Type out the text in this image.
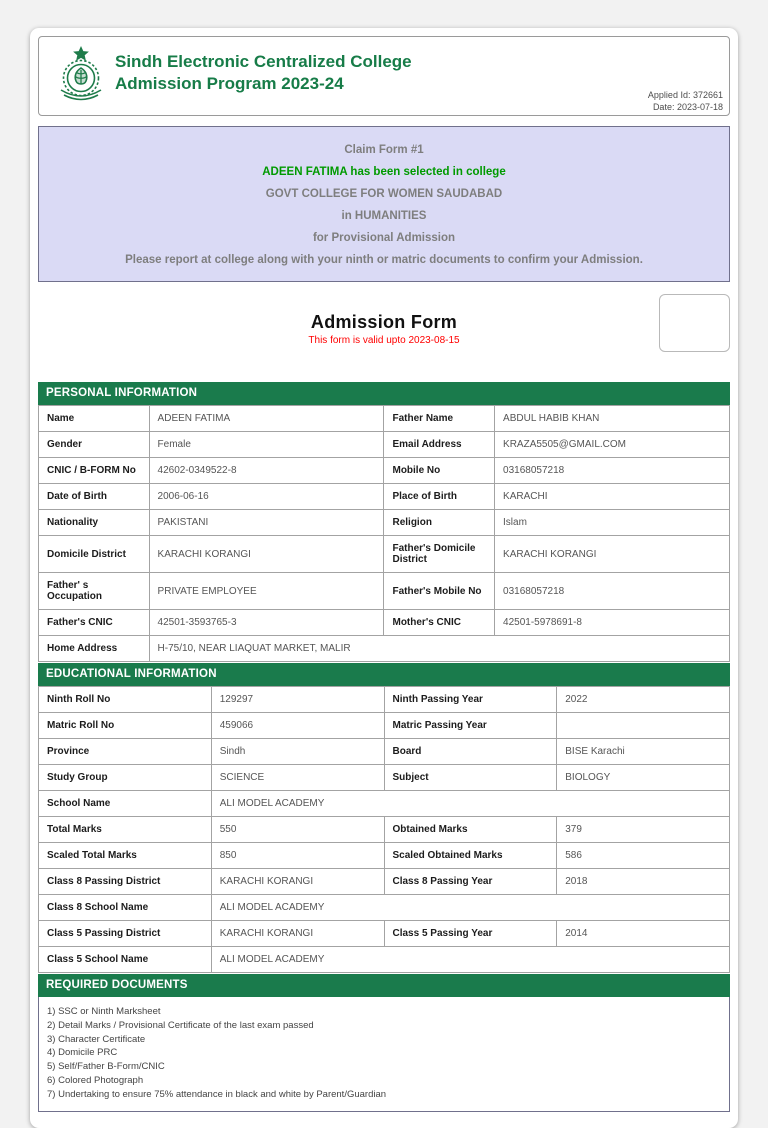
Sindh Electronic Centralized College
Admission Program 2023-24
Applied Id: 372661
Date: 2023-07-18
Claim Form #1
ADEEN FATIMA has been selected in college
GOVT COLLEGE FOR WOMEN SAUDABAD
in HUMANITIES
for Provisional Admission
Please report at college along with your ninth or matric documents to confirm your Admission.
Admission Form
This form is valid upto 2023-08-15
PERSONAL INFORMATION
Name	ADEEN FATIMA	Father Name	ABDUL HABIB KHAN
Gender	Female	Email Address	KRAZA5505@GMAIL.COM
CNIC / B-FORM No	42602-0349522-8	Mobile No	03168057218
Date of Birth	2006-06-16	Place of Birth	KARACHI
Nationality	PAKISTANI	Religion	Islam
Domicile District	KARACHI KORANGI	Father's Domicile District	KARACHI KORANGI
Father' s Occupation	PRIVATE EMPLOYEE	Father's Mobile No	03168057218
Father's CNIC	42501-3593765-3	Mother's CNIC	42501-5978691-8
Home Address	H-75/10, NEAR LIAQUAT MARKET, MALIR		
EDUCATIONAL INFORMATION
Ninth Roll No	129297	Ninth Passing Year	2022
Matric Roll No	459066	Matric Passing Year	
Province	Sindh	Board	BISE Karachi
Study Group	SCIENCE	Subject	BIOLOGY
School Name	ALI MODEL ACADEMY		
Total Marks	550	Obtained Marks	379
Scaled Total Marks	850	Scaled Obtained Marks	586
Class 8 Passing District	KARACHI KORANGI	Class 8 Passing Year	2018
Class 8 School Name	ALI MODEL ACADEMY		
Class 5 Passing District	KARACHI KORANGI	Class 5 Passing Year	2014
Class 5 School Name	ALI MODEL ACADEMY		
REQUIRED DOCUMENTS
1) SSC or Ninth Marksheet
2) Detail Marks / Provisional Certificate of the last exam passed
3) Character Certificate
4) Domicile PRC
5) Self/Father B-Form/CNIC
6) Colored Photograph
7) Undertaking to ensure 75% attendance in black and white by Parent/Guardian
